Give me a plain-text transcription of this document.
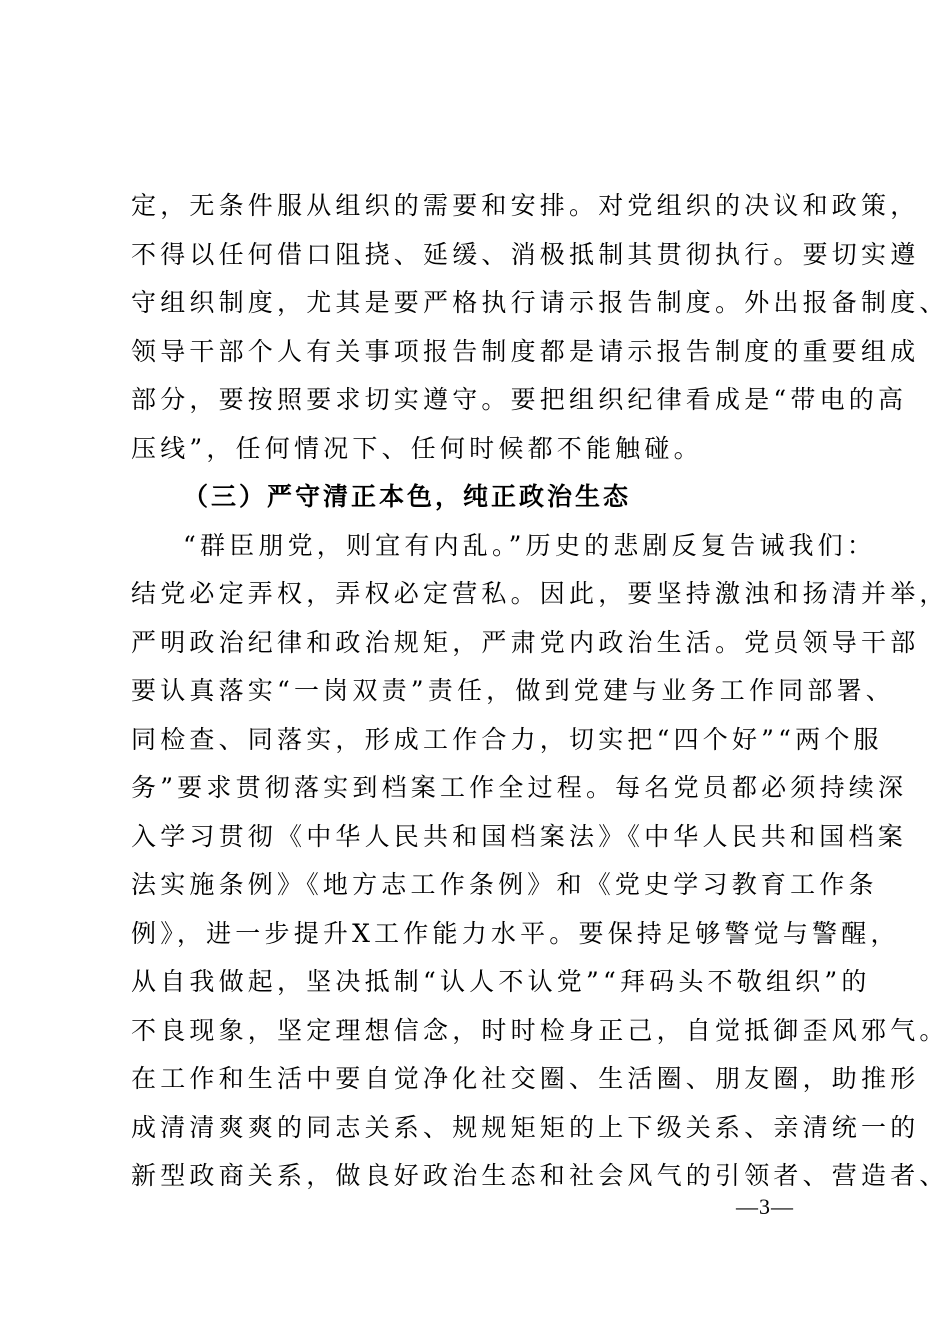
定，无条件服从组织的需要和安排。对党组织的决议和政策，
不得以任何借口阻挠、延缓、消极抵制其贯彻执行。要切实遵
守组织制度，尤其是要严格执行请示报告制度。外出报备制度、
领导干部个人有关事项报告制度都是请示报告制度的重要组成
部分，要按照要求切实遵守。要把组织纪律看成是“带电的高
压线”，任何情况下、任何时候都不能触碰。
（三）严守清正本色，纯正政治生态
“群臣朋党，则宜有内乱。”历史的悲剧反复告诫我们：
结党必定弄权，弄权必定营私。因此，要坚持激浊和扬清并举，
严明政治纪律和政治规矩，严肃党内政治生活。党员领导干部
要认真落实“一岗双责”责任，做到党建与业务工作同部署、
同检查、同落实，形成工作合力，切实把“四个好”“两个服
务”要求贯彻落实到档案工作全过程。每名党员都必须持续深
入学习贯彻《中华人民共和国档案法》《中华人民共和国档案
法实施条例》《地方志工作条例》和《党史学习教育工作条
例》，进一步提升X工作能力水平。要保持足够警觉与警醒，
从自我做起，坚决抵制“认人不认党”“拜码头不敬组织”的
不良现象，坚定理想信念，时时检身正己，自觉抵御歪风邪气。
在工作和生活中要自觉净化社交圈、生活圈、朋友圈，助推形
成清清爽爽的同志关系、规规矩矩的上下级关系、亲清统一的
新型政商关系，做良好政治生态和社会风气的引领者、营造者、
—3—
